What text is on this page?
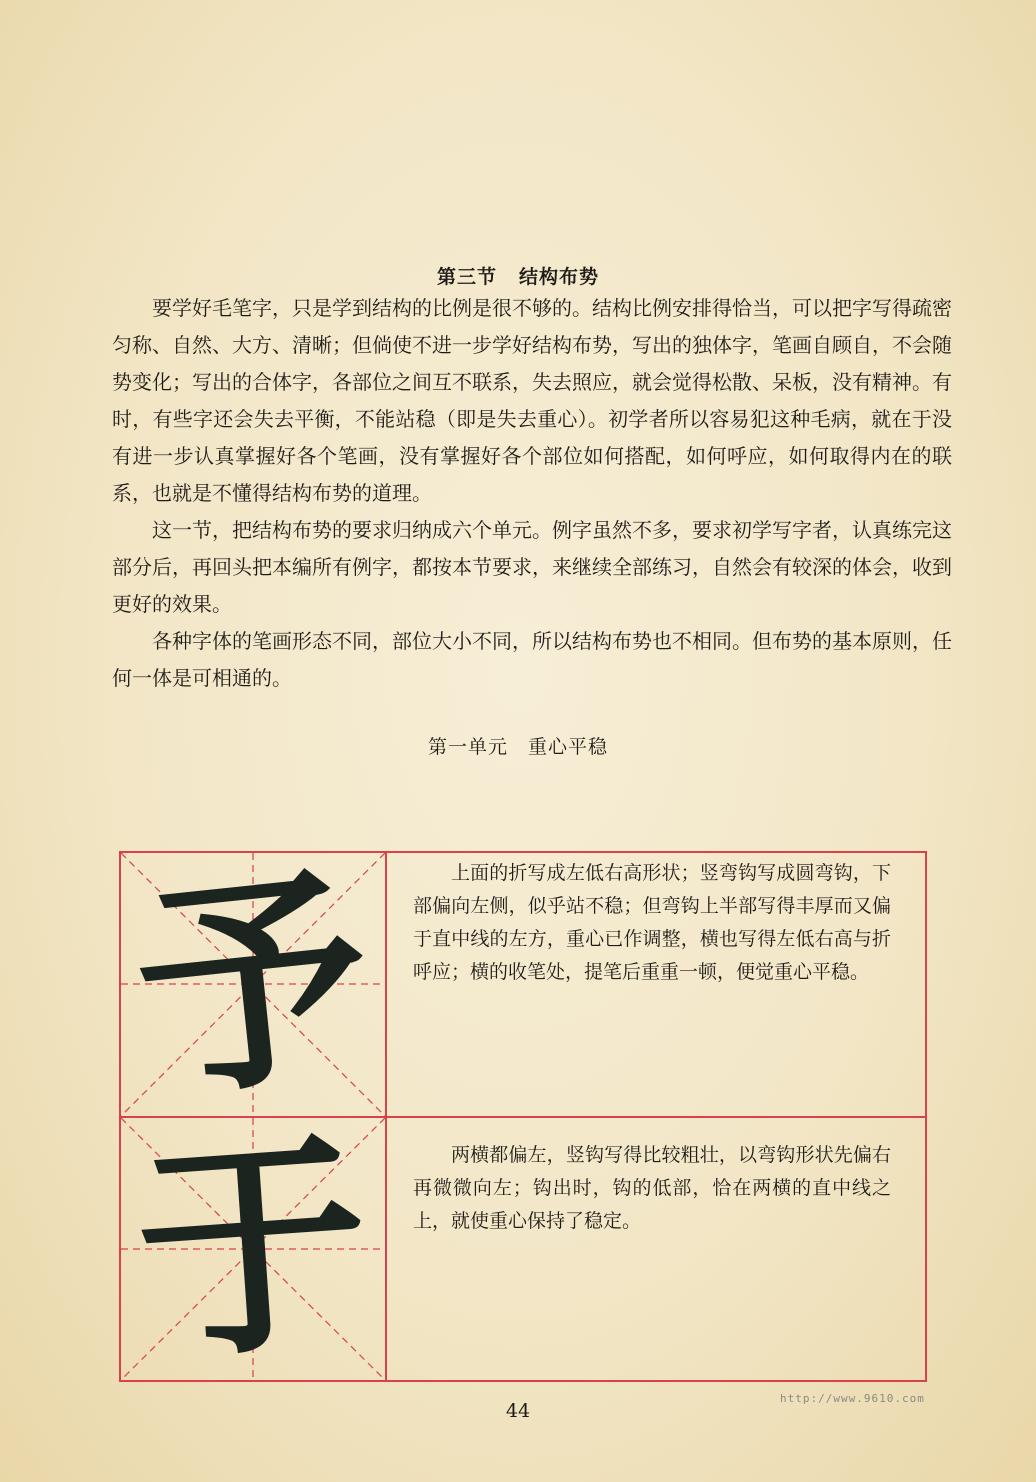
第三节 结构布势

要学好毛笔字，只是学到结构的比例是很不够的。结构比例安排得恰当，可以把字写得疏密匀称、自然、大方、清晰；但倘使不进一步学好结构布势，写出的独体字，笔画自顾自，不会随势变化；写出的合体字，各部位之间互不联系，失去照应，就会觉得松散、呆板，没有精神。有时，有些字还会失去平衡，不能站稳（即是失去重心）。初学者所以容易犯这种毛病，就在于没有进一步认真掌握好各个笔画，没有掌握好各个部位如何搭配，如何呼应，如何取得内在的联系，也就是不懂得结构布势的道理。

这一节，把结构布势的要求归纳成六个单元。例字虽然不多，要求初学写字者，认真练完这部分后，再回头把本编所有例字，都按本节要求，来继续全部练习，自然会有较深的体会，收到更好的效果。

各种字体的笔画形态不同，部位大小不同，所以结构布势也不相同。但布势的基本原则，任何一体是可相通的。

第一单元 重心平稳
予	上面的折写成左低右高形状；竖弯钩写成圆弯钩，下部偏向左侧，似乎站不稳；但弯钩上半部写得丰厚而又偏于直中线的左方，重心已作调整，横也写得左低右高与折呼应；横的收笔处，提笔后重重一顿，便觉重心平稳。

于	两横都偏左，竖钩写得比较粗壮，以弯钩形状先偏右再微微向左；钩出时，钩的低部，恰在两横的直中线之上，就使重心保持了稳定。

http://www.9610.com
44
